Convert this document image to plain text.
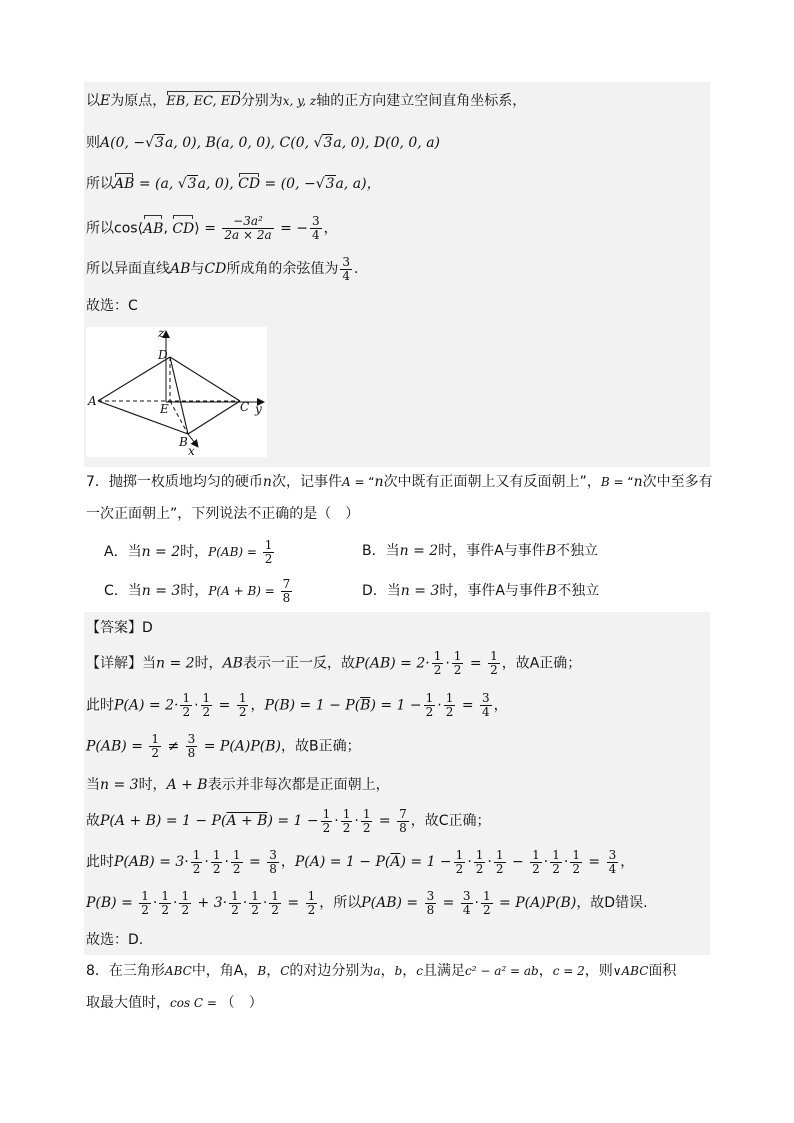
以E为原点，EB, EC, ED分别为x, y, z轴的正方向建立空间直角坐标系，
则A(0, −√3a, 0), B(a, 0, 0), C(0, √3a, 0), D(0, 0, a)
所以AB = (a, √3a, 0), CD = (0, −√3a, a)，
所以cos⟨AB, CD⟩ = $\frac{\text{−3a²}}{2a \times 2a}$ = − $\frac{3}{4}$ ，
所以异面直线AB与CD所成角的余弦值为 $\frac{3}{4}$ .
故选：C
z
D
A
E	C y
B
x
7．抛掷一枚质地均匀的硬币n次，记事件A = “n次中既有正面朝上又有反面朝上”，B = “n次中至多有
一次正面朝上”，下列说法不正确的是（　）
A．当n = 2时，$P(AB) = \frac{1}{2}$	B．当n = 2时，事件A与事件B不独立
C．当n = 3时，$P(A + B) = \frac{7}{8}$	D．当n = 3时，事件A与事件B不独立
【答案】D
【详解】当n = 2时，AB表示一正一反，故$P(AB) = 2\cdot \frac{1}{2} \cdot \frac{1}{2} = \frac{1}{2}$ ，故A正确；
此时$P(A) = 2\cdot \frac{1}{2} \cdot \frac{1}{2} = \frac{1}{2}$ ，$P(B) = 1 - P(\overline{B}) = 1 - \frac{1}{2} \cdot \frac{1}{2} = \frac{3}{4}$ ，
$P(AB) = \frac{1}{2} \ne \frac{3}{8} = P(A)P(B)$，故B正确；
当n = 3时，A + B表示并非每次都是正面朝上，
故$P(A + B) = 1 - P(A + B) = 1 - \frac{1}{2} \cdot \frac{1}{2} \cdot \frac{1}{2} = \frac{7}{8}$ ，故C正确；
此时$P(AB) = 3\cdot \frac{1}{2} \cdot \frac{1}{2} \cdot \frac{1}{2} = \frac{3}{8}$ ，$P(A) = 1 - P(\overline{A}) = 1 - \frac{1}{2} \cdot \frac{1}{2} \cdot \frac{1}{2} - \frac{1}{2} \cdot \frac{1}{2} \cdot \frac{1}{2} = \frac{3}{4}$ ，
$P(B) = \frac{1}{2} \cdot \frac{1}{2} \cdot \frac{1}{2} + 3\cdot \frac{1}{2} \cdot \frac{1}{2} \cdot \frac{1}{2} = \frac{1}{2}$ ，所以$P(AB) = \frac{3}{8} = \frac{3}{4} \cdot \frac{1}{2} = P(A)P(B)$，故D错误.
故选：D.
8．在三角形ABC中，角A，B，C的对边分别为a，b，c且满足c² − a² = ab，c = 2，则∨ABC面积
取最大值时，cos C = （　）
